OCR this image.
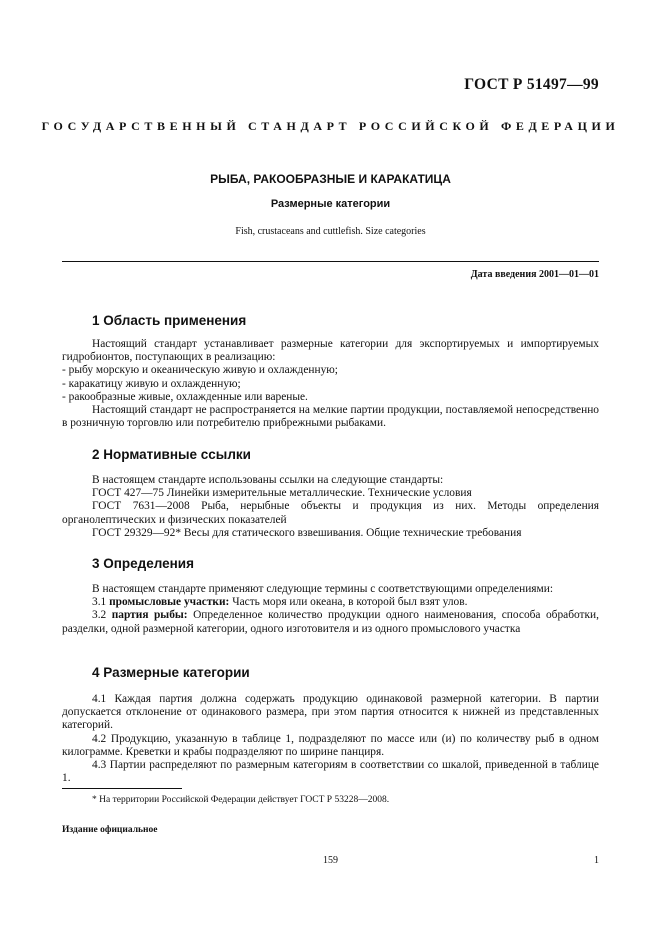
ГОСТ Р 51497—99
ГОСУДАРСТВЕННЫЙ СТАНДАРТ РОССИЙСКОЙ ФЕДЕРАЦИИ
РЫБА, РАКООБРАЗНЫЕ И КАРАКАТИЦА
Размерные категории
Fish, crustaceans and cuttlefish. Size categories
Дата введения 2001—01—01
1 Область применения
Настоящий стандарт устанавливает размерные категории для экспортируемых и импортируемых гидробионтов, поступающих в реализацию:
- рыбу морскую и океаническую живую и охлажденную;
- каракатицу живую и охлажденную;
- ракообразные живые, охлажденные или вареные.
Настоящий стандарт не распространяется на мелкие партии продукции, поставляемой непосредственно в розничную торговлю или потребителю прибрежными рыбаками.
2 Нормативные ссылки
В настоящем стандарте использованы ссылки на следующие стандарты:
ГОСТ 427—75 Линейки измерительные металлические. Технические условия
ГОСТ 7631—2008 Рыба, нерыбные объекты и продукция из них. Методы определения органолептических и физических показателей
ГОСТ 29329—92* Весы для статического взвешивания. Общие технические требования
3 Определения
В настоящем стандарте применяют следующие термины с соответствующими определениями:
3.1 промысловые участки: Часть моря или океана, в которой был взят улов.
3.2 партия рыбы: Определенное количество продукции одного наименования, способа обработки, разделки, одной размерной категории, одного изготовителя и из одного промыслового участка
4 Размерные категории
4.1 Каждая партия должна содержать продукцию одинаковой размерной категории. В партии допускается отклонение от одинакового размера, при этом партия относится к нижней из представленных категорий.
4.2 Продукцию, указанную в таблице 1, подразделяют по массе или (и) по количеству рыб в одном килограмме. Креветки и крабы подразделяют по ширине панциря.
4.3 Партии распределяют по размерным категориям в соответствии со шкалой, приведенной в таблице 1.
* На территории Российской Федерации действует ГОСТ Р 53228—2008.
Издание официальное
159	1
